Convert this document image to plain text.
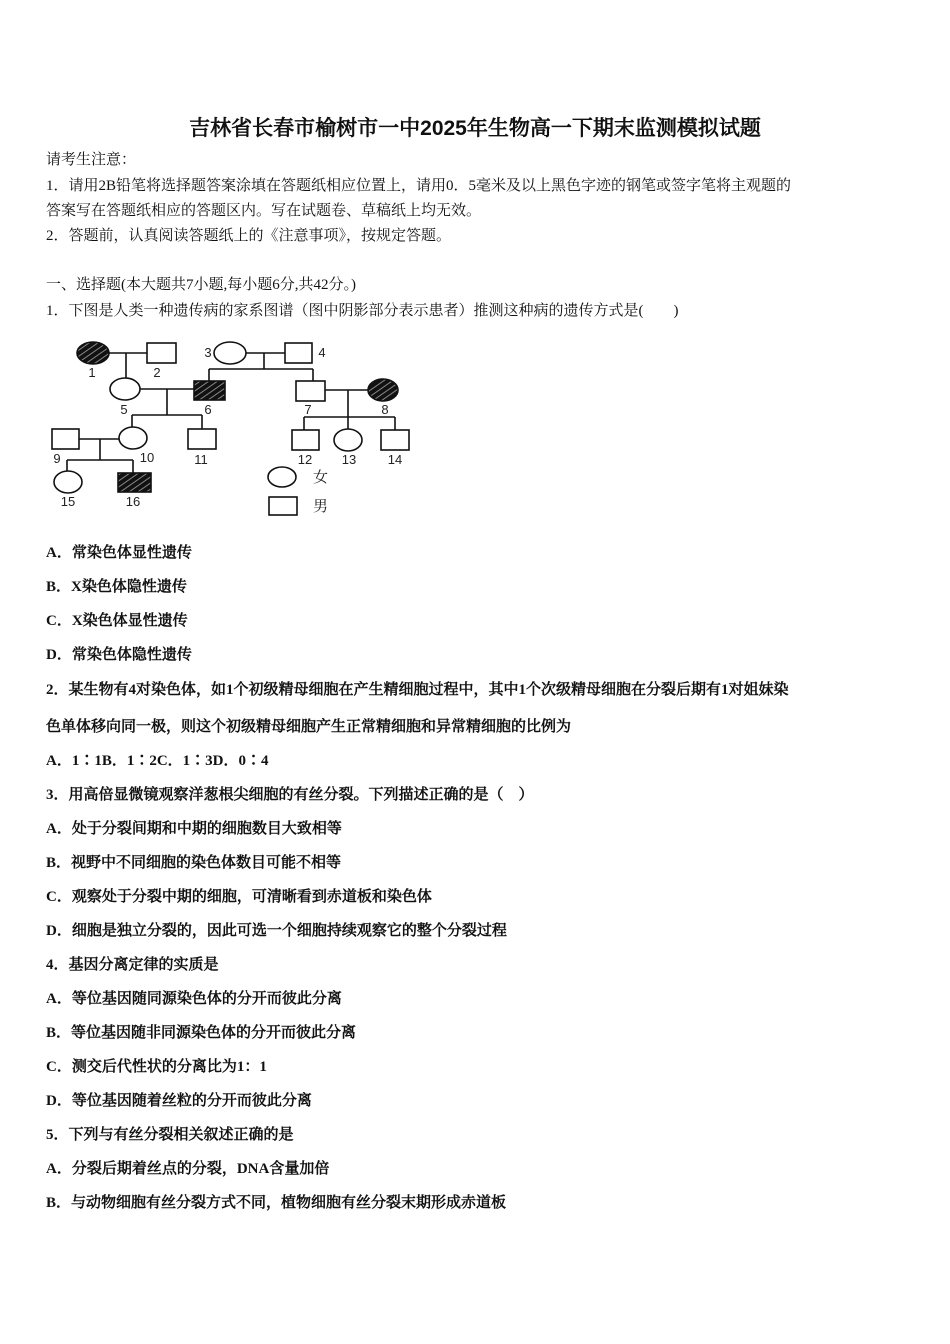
吉林省长春市榆树市一中2025年生物高一下期末监测模拟试题
请考生注意：
1．请用2B铅笔将选择题答案涂填在答题纸相应位置上，请用0．5毫米及以上黑色字迹的钢笔或签字笔将主观题的
答案写在答题纸相应的答题区内。写在试题卷、草稿纸上均无效。
2．答题前，认真阅读答题纸上的《注意事项》，按规定答题。
一、选择题(本大题共7小题,每小题6分,共42分。)
1．下图是人类一种遗传病的家系图谱（图中阴影部分表示患者）推测这种病的遗传方式是(　　)
1	2
3	4
5	6	7	8
9	10	11	12 13 14
15	16
女
男
A．常染色体显性遗传
B．X染色体隐性遗传
C．X染色体显性遗传
D．常染色体隐性遗传
2．某生物有4对染色体，如1个初级精母细胞在产生精细胞过程中，其中1个次级精母细胞在分裂后期有1对姐妹染
色单体移向同一极，则这个初级精母细胞产生正常精细胞和异常精细胞的比例为
A．1∶1B．1∶2C．1∶3D．0∶4
3．用高倍显微镜观察洋葱根尖细胞的有丝分裂。下列描述正确的是（　）
A．处于分裂间期和中期的细胞数目大致相等
B．视野中不同细胞的染色体数目可能不相等
C．观察处于分裂中期的细胞，可清晰看到赤道板和染色体
D．细胞是独立分裂的，因此可选一个细胞持续观察它的整个分裂过程
4．基因分离定律的实质是
A．等位基因随同源染色体的分开而彼此分离
B．等位基因随非同源染色体的分开而彼此分离
C．测交后代性状的分离比为1：1
D．等位基因随着丝粒的分开而彼此分离
5．下列与有丝分裂相关叙述正确的是
A．分裂后期着丝点的分裂，DNA含量加倍
B．与动物细胞有丝分裂方式不同，植物细胞有丝分裂末期形成赤道板
